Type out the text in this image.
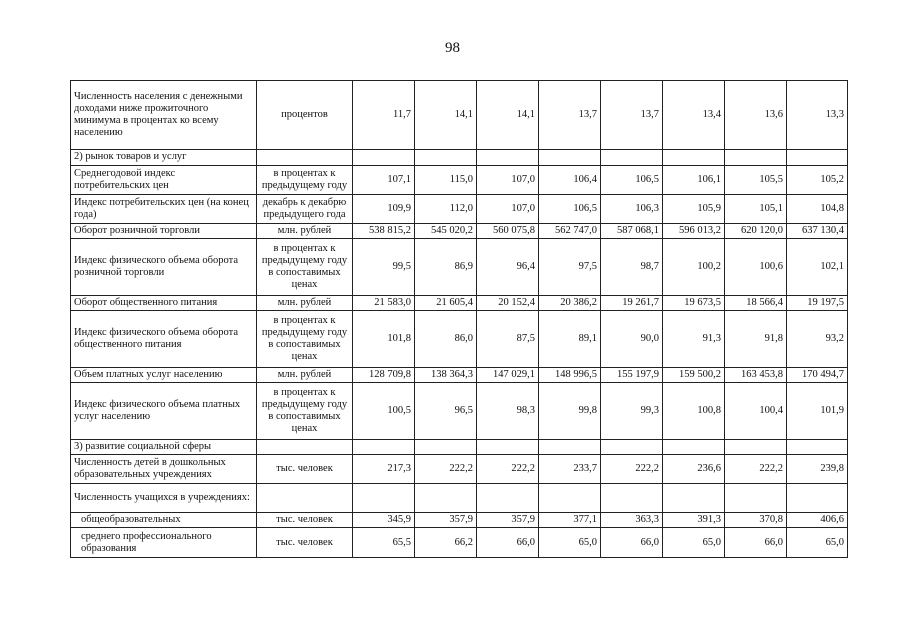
98
Численность населения с денежными доходами ниже прожиточного минимума в процентах ко всему населению	процентов	11,7	14,1	14,1	13,7	13,7	13,4	13,6	13,3
2) рынок товаров и услуг									
Среднегодовой индекс потребительских цен	в процентах к предыдущему году	107,1	115,0	107,0	106,4	106,5	106,1	105,5	105,2
Индекс потребительских цен (на конец года)	декабрь к декабрю предыдущего года	109,9	112,0	107,0	106,5	106,3	105,9	105,1	104,8
Оборот розничной торговли	млн. рублей	538 815,2	545 020,2	560 075,8	562 747,0	587 068,1	596 013,2	620 120,0	637 130,4
Индекс физического объема оборота розничной торговли	в процентах к предыдущему году в сопоставимых ценах	99,5	86,9	96,4	97,5	98,7	100,2	100,6	102,1
Оборот общественного питания	млн. рублей	21 583,0	21 605,4	20 152,4	20 386,2	19 261,7	19 673,5	18 566,4	19 197,5
Индекс физического объема оборота общественного питания	в процентах к предыдущему году в сопоставимых ценах	101,8	86,0	87,5	89,1	90,0	91,3	91,8	93,2
Объем платных услуг населению	млн. рублей	128 709,8	138 364,3	147 029,1	148 996,5	155 197,9	159 500,2	163 453,8	170 494,7
Индекс физического объема платных услуг населению	в процентах к предыдущему году в сопоставимых ценах	100,5	96,5	98,3	99,8	99,3	100,8	100,4	101,9
3) развитие социальной сферы									
Численность детей в дошкольных образовательных учреждениях	тыс. человек	217,3	222,2	222,2	233,7	222,2	236,6	222,2	239,8
Численность учащихся в учреждениях:									
общеобразовательных	тыс. человек	345,9	357,9	357,9	377,1	363,3	391,3	370,8	406,6
среднего профессионального образования	тыс. человек	65,5	66,2	66,0	65,0	66,0	65,0	66,0	65,0
